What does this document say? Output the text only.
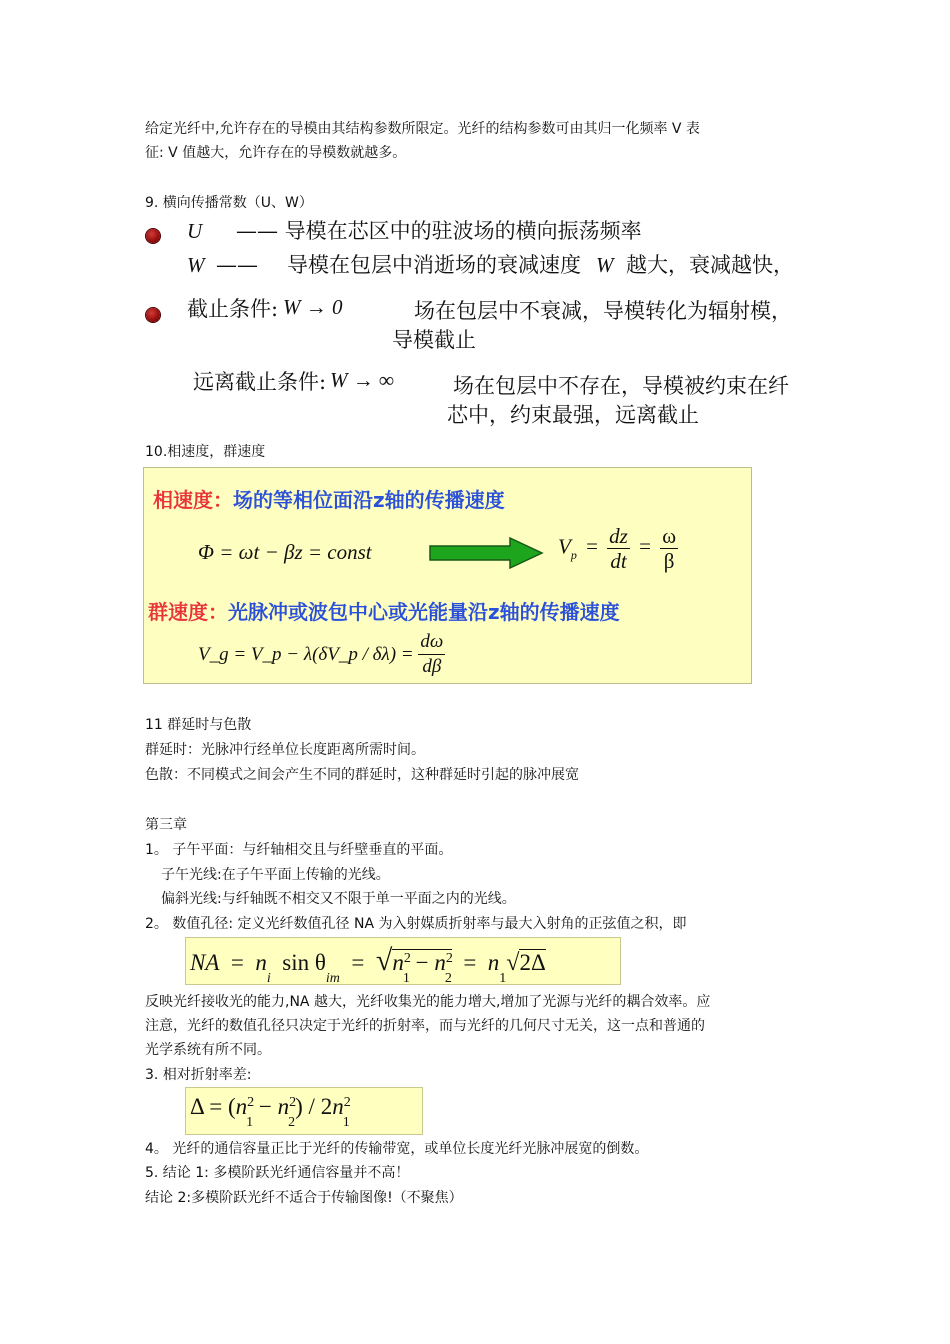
给定光纤中,允许存在的导模由其结构参数所限定。光纤的结构参数可由其归一化频率 V 表
征: V 值越大，允许存在的导模数就越多。
9. 横向传播常数（U、W）
U —— 导模在芯区中的驻波场的横向振荡频率
W —— 导模在包层中消逝场的衰减速度 W 越大，衰减越快，
截止条件: W → 0	场在包层中不衰减，导模转化为辐射模，
导模截止
远离截止条件: W → ∞	场在包层中不存在，导模被约束在纤
芯中，约束最强，远离截止
10.相速度，群速度
相速度：场的等相位面沿z轴的传播速度
Φ = ωt − βz = const	$V_p = \frac{dz}{dt} = \frac{\omega}{\beta}$
群速度：光脉冲或波包中心或光能量沿z轴的传播速度
V_g = V_p − λ(δV_p / $\delta\lambda) = \frac{d\omega}{d\beta}$
11 群延时与色散
群延时：光脉冲行经单位长度距离所需时间。
色散：不同模式之间会产生不同的群延时，这种群延时引起的脉冲展宽
第三章
1。 子午平面：与纤轴相交且与纤壁垂直的平面。
子午光线:在子午平面上传输的光线。
偏斜光线:与纤轴既不相交又不限于单一平面之内的光线。
2。 数值孔径: 定义光纤数值孔径 NA 为入射媒质折射率与最大入射角的正弦值之积，即
NA  =  $n_i$  $\sin \theta_{im} = √n^2_1 - n^2_2 = n_1√2\Delta$
反映光纤接收光的能力,NA 越大，光纤收集光的能力增大,增加了光源与光纤的耦合效率。应
注意，光纤的数值孔径只决定于光纤的折射率，而与光纤的几何尺寸无关，这一点和普通的
光学系统有所不同。
3. 相对折射率差:
$\Delta = (n^2_1 - n^2_2) / 2n^2_1$
4。 光纤的通信容量正比于光纤的传输带宽，或单位长度光纤光脉冲展宽的倒数。
5. 结论 1: 多模阶跃光纤通信容量并不高！
结论 2:多模阶跃光纤不适合于传输图像!（不聚焦）
